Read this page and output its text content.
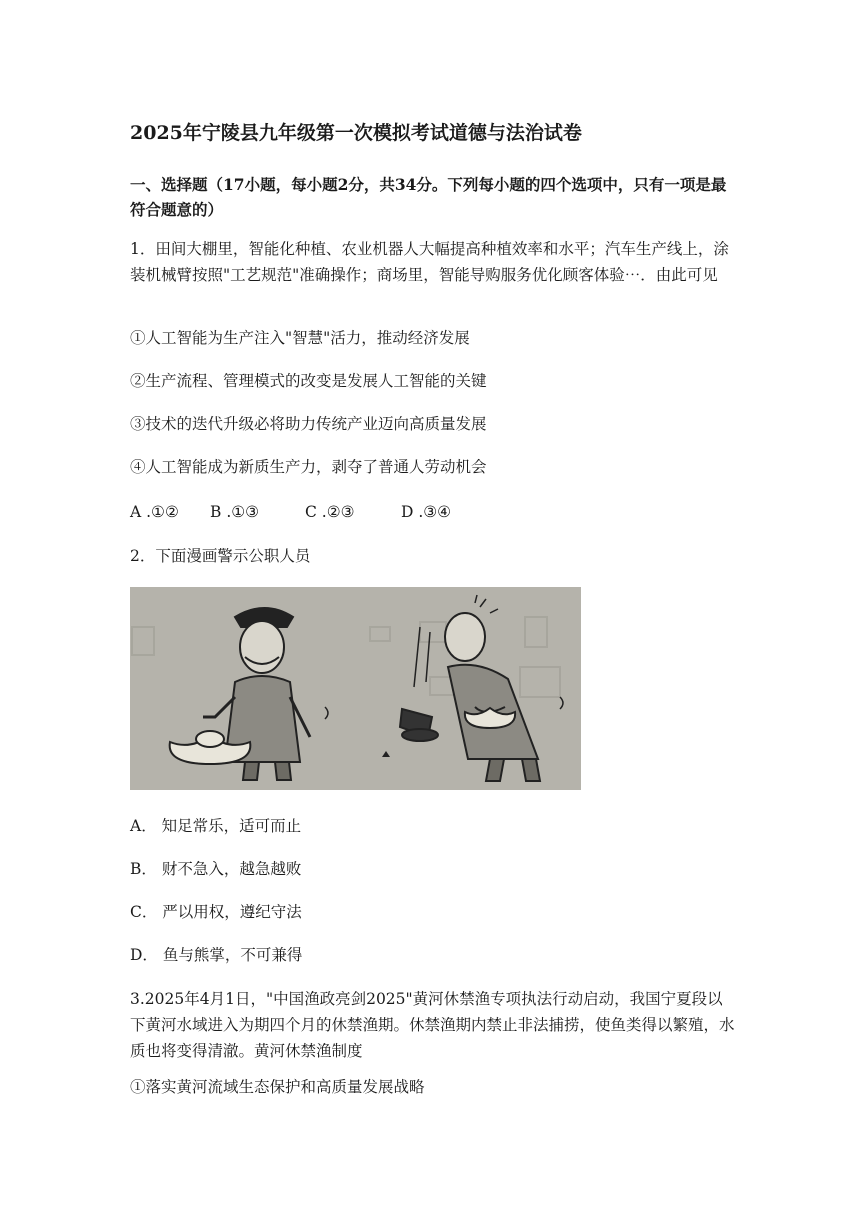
2025年宁陵县九年级第一次模拟考试道德与法治试卷
一、选择题（17小题，每小题2分，共34分。下列每小题的四个选项中，只有一项是最符合题意的）
1．田间大棚里，智能化种植、农业机器人大幅提高种植效率和水平；汽车生产线上，涂装机械臂按照"工艺规范"准确操作；商场里，智能导购服务优化顾客体验⋯．由此可见
①人工智能为生产注入"智慧"活力，推动经济发展
②生产流程、管理模式的改变是发展人工智能的关键
③技术的迭代升级必将助力传统产业迈向高质量发展
④人工智能成为新质生产力，剥夺了普通人劳动机会
A .①② B .①③	C .②③	D .③④
2．下面漫画警示公职人员
A． 知足常乐，适可而止
B． 财不急入，越急越败
C． 严以用权，遵纪守法
D． 鱼与熊掌，不可兼得
3.2025年4月1日，"中国渔政亮剑2025"黄河休禁渔专项执法行动启动，我国宁夏段以下黄河水域进入为期四个月的休禁渔期。休禁渔期内禁止非法捕捞，使鱼类得以繁殖，水质也将变得清澈。黄河休禁渔制度
①落实黄河流域生态保护和高质量发展战略
